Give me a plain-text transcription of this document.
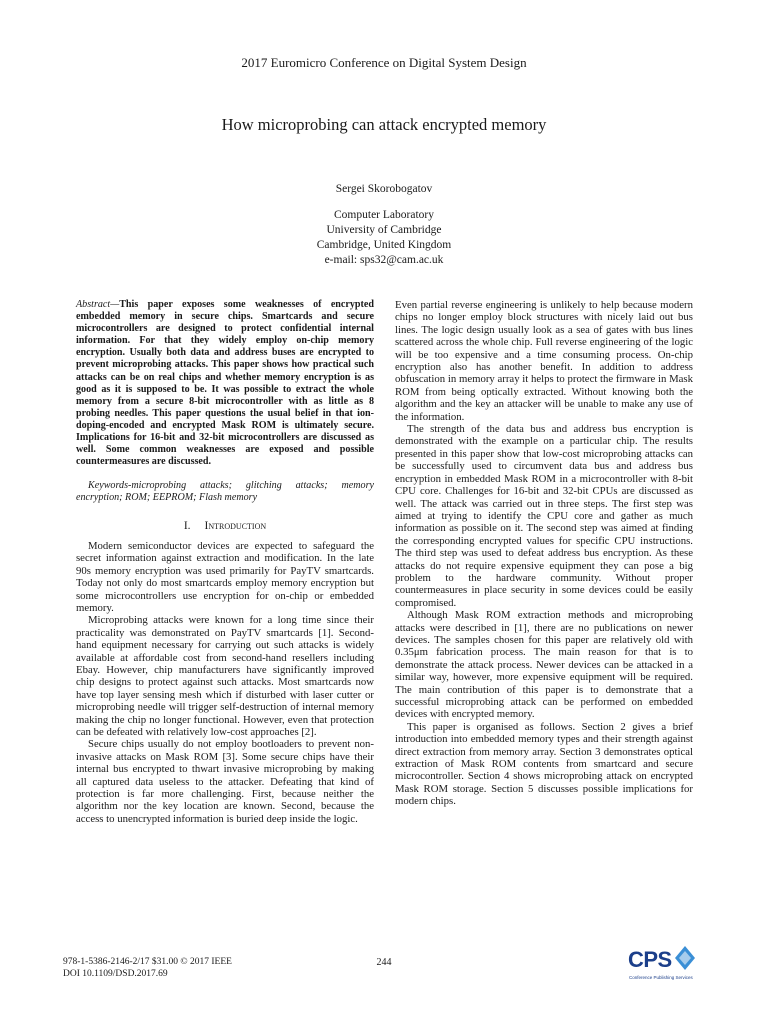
2017 Euromicro Conference on Digital System Design
How microprobing can attack encrypted memory
Sergei Skorobogatov
Computer Laboratory
University of Cambridge
Cambridge, United Kingdom
e-mail: sps32@cam.ac.uk

Abstract—This paper exposes some weaknesses of encrypted embedded memory in secure chips. Smartcards and secure microcontrollers are designed to protect confidential internal information. For that they widely employ on-chip memory encryption. Usually both data and address buses are encrypted to prevent microprobing attacks. This paper shows how practical such attacks can be on real chips and whether memory encryption is as good as it is supposed to be. It was possible to extract the whole memory from a secure 8-bit microcontroller with as little as 8 probing needles. This paper questions the usual belief in that ion-doping-encoded and encrypted Mask ROM is ultimately secure. Implications for 16-bit and 32-bit microcontrollers are discussed as well. Some common weaknesses are exposed and possible countermeasures are discussed.

Keywords-microprobing attacks; glitching attacks; memory encryption; ROM; EEPROM; Flash memory

I. Introduction

Modern semiconductor devices are expected to safeguard the secret information against extraction and modification. In the late 90s memory encryption was used primarily for PayTV smartcards. Today not only do most smartcards employ memory encryption but some microcontrollers use encryption for on-chip or embedded memory.

Microprobing attacks were known for a long time since their practicality was demonstrated on PayTV smartcards [1]. Second-hand equipment necessary for carrying out such attacks is widely available at affordable cost from second-hand resellers including Ebay. However, chip manufacturers have significantly improved chip designs to protect against such attacks. Most smartcards now have top layer sensing mesh which if disturbed with laser cutter or microprobing needle will trigger self-destruction of internal memory making the chip no longer functional. However, even that protection can be defeated with relatively low-cost approaches [2].

Secure chips usually do not employ bootloaders to prevent non-invasive attacks on Mask ROM [3]. Some secure chips have their internal bus encrypted to thwart invasive microprobing by making all captured data useless to the attacker. Defeating that kind of protection is far more challenging. First, because neither the algorithm nor the key location are known. Second, because the access to unencrypted information is buried deep inside the logic.

Even partial reverse engineering is unlikely to help because modern chips no longer employ block structures with nicely laid out bus lines. The logic design usually look as a sea of gates with bus lines scattered across the whole chip. Full reverse engineering of the logic will be too expensive and a time consuming process. On-chip encryption also has another benefit. In addition to address obfuscation in memory array it helps to protect the firmware in Mask ROM from being optically extracted. Without knowing both the algorithm and the key an attacker will be unable to make any use of the information.

The strength of the data bus and address bus encryption is demonstrated with the example on a particular chip. The results presented in this paper show that low-cost microprobing attacks can be successfully used to circumvent data bus and address bus encryption in embedded Mask ROM in a microcontroller with 8-bit CPU core. Challenges for 16-bit and 32-bit CPUs are discussed as well. The attack was carried out in three steps. The first step was aimed at trying to identify the CPU core and gather as much information as possible on it. The second step was aimed at finding the corresponding encrypted values for specific CPU instructions. The third step was used to defeat address bus encryption. As these attacks do not require expensive equipment they can pose a big problem to the hardware community. Without proper countermeasures in place security in some devices could be easily compromised.

Although Mask ROM extraction methods and microprobing attacks were described in [1], there are no publications on newer devices. The samples chosen for this paper are relatively old with 0.35μm fabrication process. The main reason for that is to demonstrate the attack process. Newer devices can be attacked in a similar way, however, more expensive equipment will be required. The main contribution of this paper is to demonstrate that a successful microprobing attack can be performed on embedded devices with encrypted memory.

This paper is organised as follows. Section 2 gives a brief introduction into embedded memory types and their strength against direct extraction from memory array. Section 3 demonstrates optical extraction of Mask ROM contents from smartcard and secure microcontroller. Section 4 shows microprobing attack on encrypted Mask ROM storage. Section 5 discusses possible implications for modern chips.

978-1-5386-2146-2/17 $31.00 © 2017 IEEE
DOI 10.1109/DSD.2017.69
244	CPS
Conference Publishing Services
